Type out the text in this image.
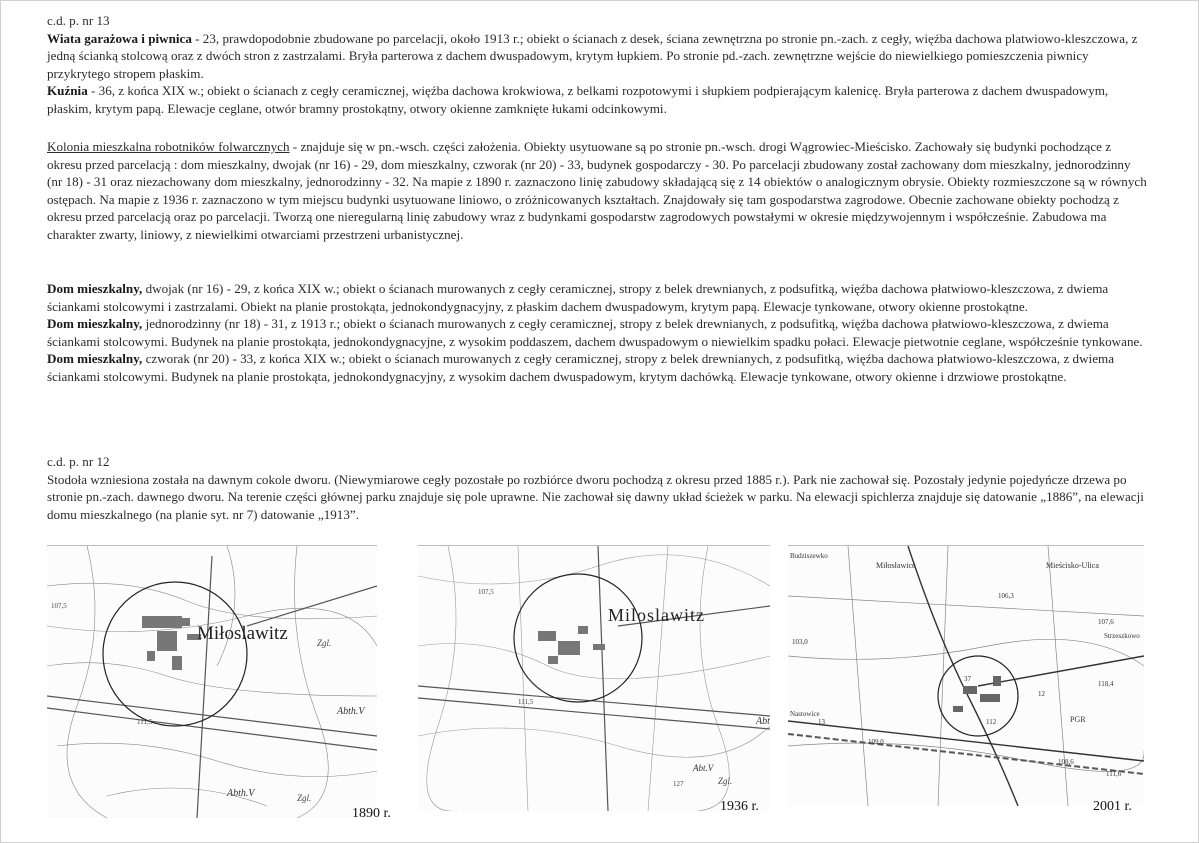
c.d. p. nr 13

Wiata garażowa i piwnica - 23, prawdopodobnie zbudowane po parcelacji, około 1913 r.; obiekt o ścianach z desek, ściana zewnętrzna po stronie pn.-zach. z cegły, więźba dachowa platwiowo-kleszczowa, z jedną ścianką stolcową oraz z dwóch stron z zastrzalami. Bryła parterowa z dachem dwuspadowym, krytym łupkiem. Po stronie pd.-zach. zewnętrzne wejście do niewielkiego pomieszczenia piwnicy przykrytego stropem płaskim.

Kuźnia - 36, z końca XIX w.; obiekt o ścianach z cegły ceramicznej, więźba dachowa krokwiowa, z belkami rozpotowymi i słupkiem podpierającym kalenicę. Bryła parterowa z dachem dwuspadowym, płaskim, krytym papą. Elewacje ceglane, otwór bramny prostokątny, otwory okienne zamknięte łukami odcinkowymi.

Kolonia mieszkalna robotników folwarcznych - znajduje się w pn.-wsch. części założenia. Obiekty usytuowane są po stronie pn.-wsch. drogi Wągrowiec-Mieścisko. Zachowały się budynki pochodzące z okresu przed parcelacją : dom mieszkalny, dwojak (nr 16) - 29, dom mieszkalny, czworak (nr 20) - 33, budynek gospodarczy - 30. Po parcelacji zbudowany został zachowany dom mieszkalny, jednorodzinny (nr 18) - 31 oraz niezachowany dom mieszkalny, jednorodzinny - 32. Na mapie z 1890 r. zaznaczono linię zabudowy składającą się z 14 obiektów o analogicznym obrysie. Obiekty rozmieszczone są w równych ostępach. Na mapie z 1936 r. zaznaczono w tym miejscu budynki usytuowane liniowo, o zróżnicowanych kształtach. Znajdowały się tam gospodarstwa zagrodowe. Obecnie zachowane obiekty pochodzą z okresu przed parcelacją oraz po parcelacji. Tworzą one nieregularną linię zabudowy wraz z budynkami gospodarstw zagrodowych powstałymi w okresie międzywojennym i współcześnie. Zabudowa ma charakter zwarty, liniowy, z niewielkimi otwarciami przestrzeni urbanistycznej.

Dom mieszkalny, dwojak (nr 16) - 29, z końca XIX w.; obiekt o ścianach murowanych z cegły ceramicznej, stropy z belek drewnianych, z podsufitką, więźba dachowa płatwiowo-kleszczowa, z dwiema ściankami stolcowymi i zastrzalami. Obiekt na planie prostokąta, jednokondygnacyjny, z płaskim dachem dwuspadowym, krytym papą. Elewacje tynkowane, otwory okienne prostokątne.

Dom mieszkalny, jednorodzinny (nr 18) - 31, z 1913 r.; obiekt o ścianach murowanych z cegły ceramicznej, stropy z belek drewnianych, z podsufitką, więźba dachowa płatwiowo-kleszczowa, z dwiema ściankami stolcowymi. Budynek na planie prostokąta, jednokondygnacyjne, z wysokim poddaszem, dachem dwuspadowym o niewielkim spadku połaci. Elewacje pietwotnie ceglane, współcześnie tynkowane.

Dom mieszkalny, czworak (nr 20) - 33, z końca XIX w.; obiekt o ścianach murowanych z cegły ceramicznej, stropy z belek drewnianych, z podsufitką, więźba dachowa płatwiowo-kleszczowa, z dwiema ściankami stolcowymi. Budynek na planie prostokąta, jednokondygnacyjny, z wysokim dachem dwuspadowym, krytym dachówką. Elewacje tynkowane, otwory okienne i drzwiowe prostokątne.

c.d. p. nr 12

Stodoła wzniesiona została na dawnym cokole dworu. (Niewymiarowe cegły pozostałe po rozbiórce dworu pochodzą z okresu przed 1885 r.). Park nie zachował się. Pozostały jedynie pojedyńcze drzewa po stronie pn.-zach. dawnego dworu. Na terenie części głównej parku znajduje się pole uprawne. Nie zachował się dawny układ ścieżek w parku. Na elewacji spichlerza znajduje się datowanie „1886”, na elewacji domu mieszkalnego (na planie syt. nr 7) datowanie „1913”.

Miłoslawitz
107,5
111,5
Zgl.
Abth.V
Zgl.
Abth.V
1890 r.
Miloslawitz
107,5
111,5
Abt
Abt.V
Zgl.
127
1936 r.
Budziszewko
Miłosławice	Mieścisko-Ulica
106,3
103,0
107,6
Strzeszkowo
118,4
112
Nastowice
109,0
PGR
108,6
111,6
37
13
12
2001 r.
